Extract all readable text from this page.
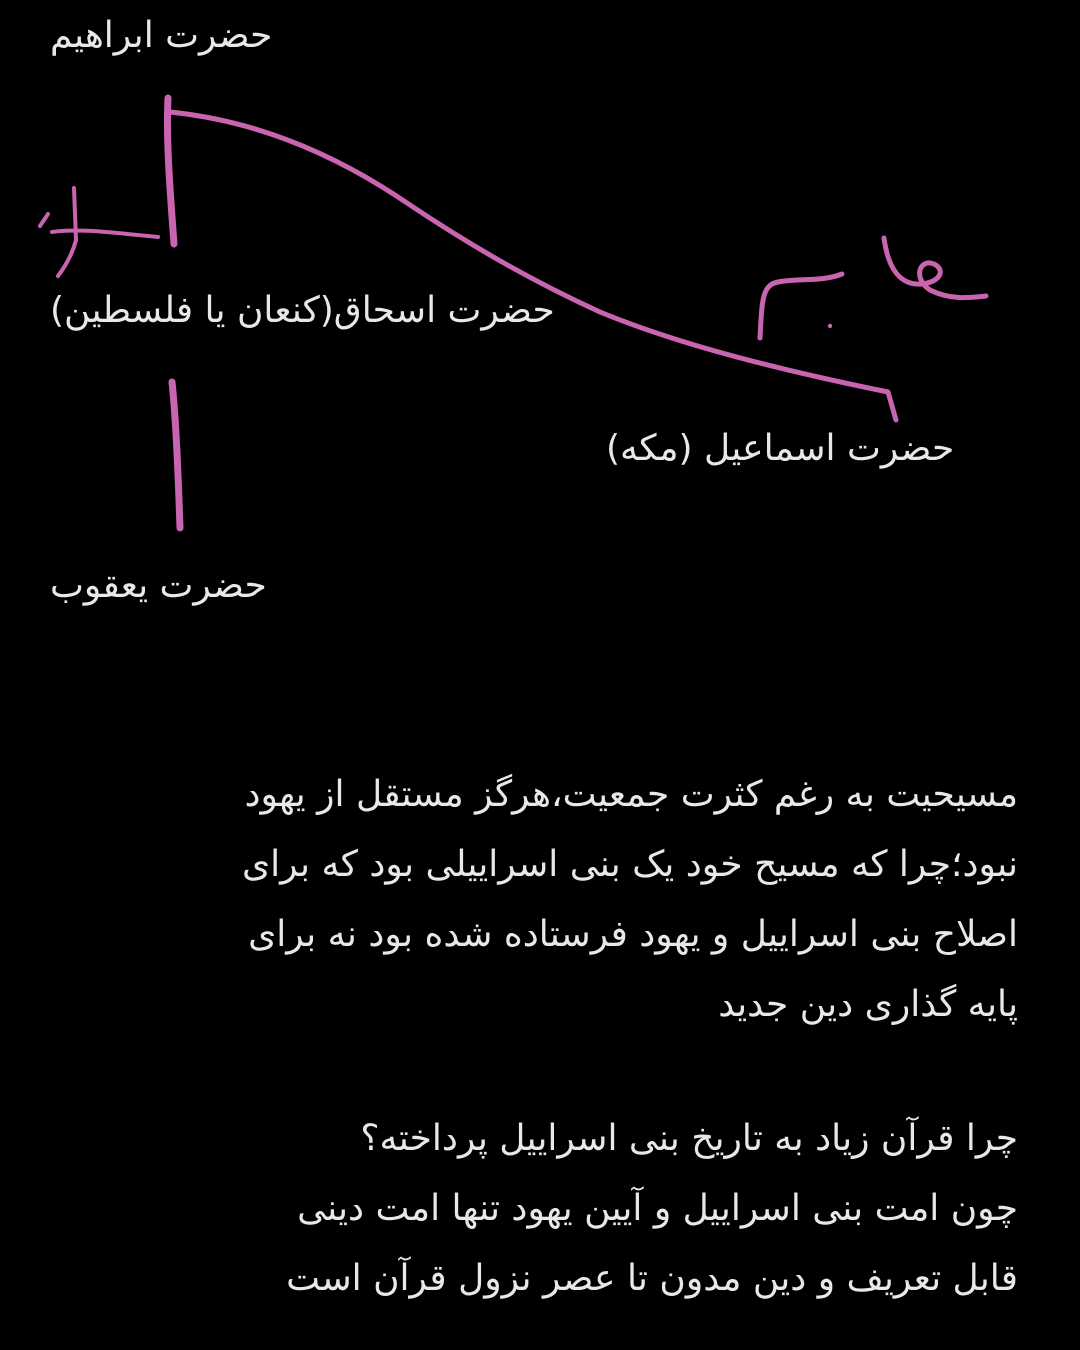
حضرت ابراهیم
حضرت اسحاق(کنعان یا فلسطین)
حضرت اسماعیل (مکه)
حضرت یعقوب
مسیحیت به رغم کثرت جمعیت،هرگز مستقل از یهود
نبود؛چرا که مسیح خود یک بنی اسراییلی بود که برای
اصلاح بنی اسراییل و یهود فرستاده شده بود نه برای
پایه گذاری دین جدید
چرا قرآن زیاد به تاریخ بنی اسراییل پرداخته؟
چون امت بنی اسراییل و آیین یهود تنها امت دینی
قابل تعریف و دین مدون تا عصر نزول قرآن است
